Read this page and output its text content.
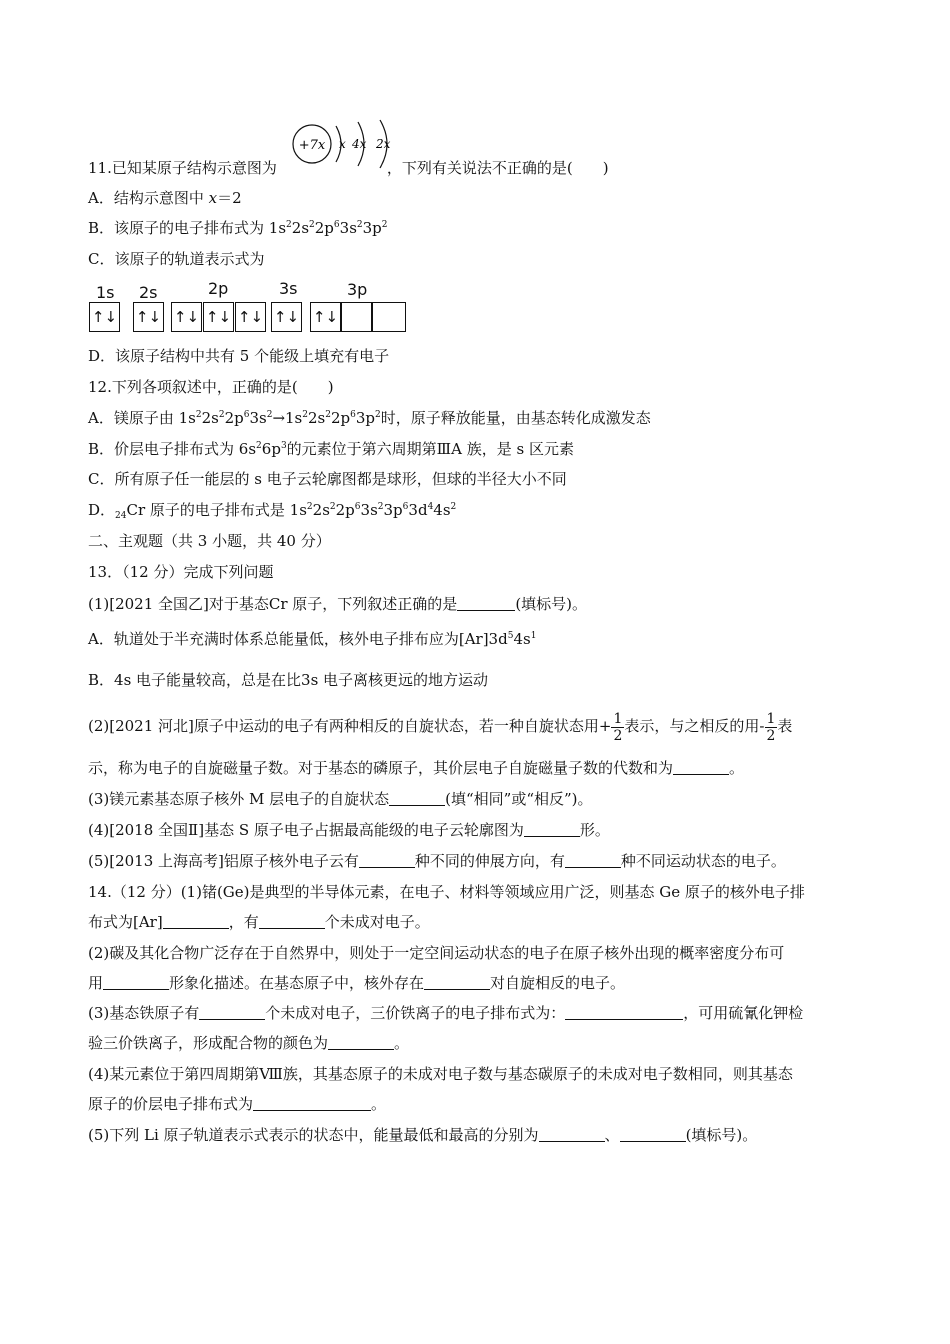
11.已知某原子结构示意图为	，下列有关说法不正确的是(　　)
+7x x 4x 2x
A．结构示意图中 x＝2
B．该原子的电子排布式为 $1s^22s^22p^63s^23p^2$
C．该原子的轨道表示式为
1s 2s	2p	3s	3p
↑↓ ↑↓ ↑↓ ↑↓ ↑↓ ↑↓ ↑↓
D．该原子结构中共有 5 个能级上填充有电子
12.下列各项叙述中，正确的是(　　)
A．镁原子由 $1s^22s^22p^63s^2\to 1s^22s^22p^63p^2$时，原子释放能量，由基态转化成激发态
B．价层电子排布式为 $6s^26p^3$的元素位于第六周期第ⅢA 族，是 s 区元素
C．所有原子任一能层的 s 电子云轮廓图都是球形，但球的半径大小不同
D．$_{24}$Cr 原子的电子排布式是 $1s^22s^22p^63s^23p^63d^44s^2$
二、主观题（共 3 小题，共 40 分）
13．（12 分）完成下列问题
(1)[2021 全国乙]对于基态Cr 原子，下列叙述正确的是	(填标号)。
A．轨道处于半充满时体系总能量低，核外电子排布应为$[Ar]3d^54s^1$
B．4s 电子能量较高，总是在比3s 电子离核更远的地方运动
(2)[2021 河北]原子中运动的电子有两种相反的自旋状态，若一种自旋状态用+ $\frac{1}{2}$ 表示，与之相反的用- $\frac{1}{2}$ 表
示，称为电子的自旋磁量子数。对于基态的磷原子，其价层电子自旋磁量子数的代数和为	。
(3)镁元素基态原子核外 M 层电子的自旋状态	(填“相同”或“相反”)。
(4)[2018 全国Ⅱ]基态 S 原子电子占据最高能级的电子云轮廓图为	形。
(5)[2013 上海高考]铝原子核外电子云有	种不同的伸展方向，有	种不同运动状态的电子。
14.（12 分）(1)锗(Ge)是典型的半导体元素，在电子、材料等领域应用广泛，则基态 Ge 原子的核外电子排
布式为[Ar]	，有	个未成对电子。
(2)碳及其化合物广泛存在于自然界中，则处于一定空间运动状态的电子在原子核外出现的概率密度分布可
用	形象化描述。在基态原子中，核外存在	对自旋相反的电子。
(3)基态铁原子有	个未成对电子，三价铁离子的电子排布式为：	，可用硫氰化钾检
验三价铁离子，形成配合物的颜色为	。
(4)某元素位于第四周期第Ⅷ族，其基态原子的未成对电子数与基态碳原子的未成对电子数相同，则其基态
原子的价层电子排布式为	。
(5)下列 Li 原子轨道表示式表示的状态中，能量最低和最高的分别为	、	(填标号)。
